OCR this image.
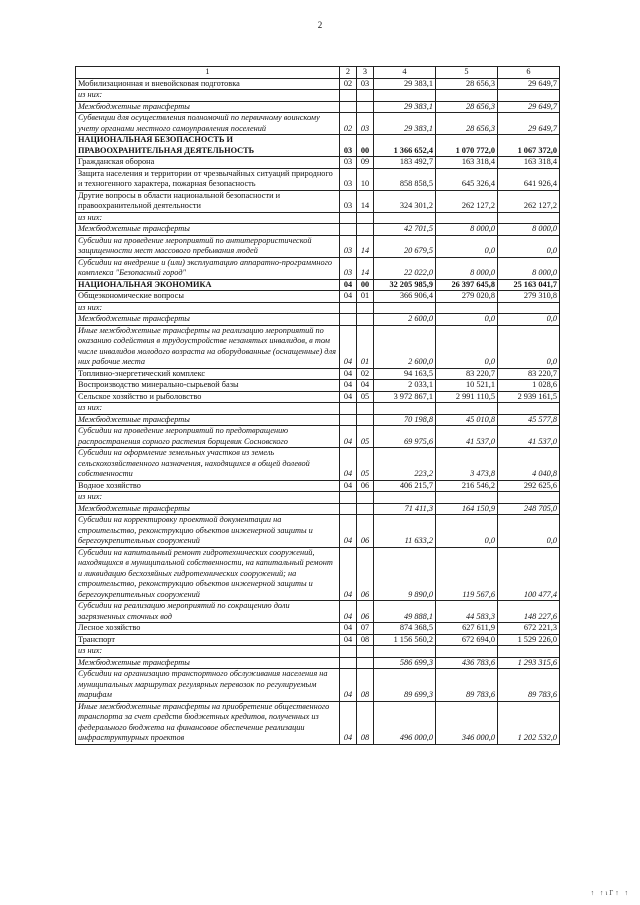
2
1	2	3	4	5	6
Мобилизационная и вневойсковая подготовка	02	03	29 383,1	28 656,3	29 649,7
из них:					
Межбюджетные трансферты			29 383,1	28 656,3	29 649,7
Субвенции для осуществления полномочий по первичному воинскому учету органами местного самоуправления поселений	02	03	29 383,1	28 656,3	29 649,7
НАЦИОНАЛЬНАЯ БЕЗОПАСНОСТЬ И ПРАВООХРАНИТЕЛЬНАЯ ДЕЯТЕЛЬНОСТЬ	03	00	1 366 652,4	1 070 772,0	1 067 372,0
Гражданская оборона	03	09	183 492,7	163 318,4	163 318,4
Защита населения и территории от чрезвычайных ситуаций природного и техногенного характера, пожарная безопасность	03	10	858 858,5	645 326,4	641 926,4
Другие вопросы в области национальной безопасности и правоохранительной деятельности	03	14	324 301,2	262 127,2	262 127,2
из них:					
Межбюджетные трансферты			42 701,5	8 000,0	8 000,0
Субсидии на проведение мероприятий по антитеррористической защищенности мест массового пребывания людей	03	14	20 679,5	0,0	0,0
Субсидии на внедрение и (или) эксплуатацию аппаратно-программного комплекса "Безопасный город"	03	14	22 022,0	8 000,0	8 000,0
НАЦИОНАЛЬНАЯ ЭКОНОМИКА	04	00	32 205 985,9	26 397 645,8	25 163 041,7
Общеэкономические вопросы	04	01	366 906,4	279 020,8	279 310,8
из них:					
Межбюджетные трансферты			2 600,0	0,0	0,0
Иные межбюджетные трансферты на реализацию мероприятий по оказанию содействия в трудоустройстве незанятых инвалидов, в том числе инвалидов молодого возраста на оборудованные (оснащенные) для них рабочие места	04	01	2 600,0	0,0	0,0
Топливно-энергетический комплекс	04	02	94 163,5	83 220,7	83 220,7
Воспроизводство минерально-сырьевой базы	04	04	2 033,1	10 521,1	1 028,6
Сельское хозяйство и рыболовство	04	05	3 972 867,1	2 991 110,5	2 939 161,5
из них:					
Межбюджетные трансферты			70 198,8	45 010,8	45 577,8
Субсидии на проведение мероприятий по предотвращению распространения сорного растения борщевик Сосновского	04	05	69 975,6	41 537,0	41 537,0
Субсидии на оформление земельных участков из земель сельскохозяйственного назначения, находящихся в общей долевой собственности	04	05	223,2	3 473,8	4 040,8
Водное хозяйство	04	06	406 215,7	216 546,2	292 625,6
из них:					
Межбюджетные трансферты			71 411,3	164 150,9	248 705,0
Субсидии на корректировку проектной документации на строительство, реконструкцию объектов инженерной защиты и берегоукрепительных сооружений	04	06	11 633,2	0,0	0,0
Субсидии на капитальный ремонт гидротехнических сооружений, находящихся в муниципальной собственности, на капитальный ремонт и ликвидацию бесхозяйных гидротехнических сооружений; на строительство, реконструкцию объектов инженерной защиты и берегоукрепительных сооружений	04	06	9 890,0	119 567,6	100 477,4
Субсидии на реализацию мероприятий по сокращению доли загрязненных сточных вод	04	06	49 888,1	44 583,3	148 227,6
Лесное хозяйство	04	07	874 368,5	627 611,9	672 221,3
Транспорт	04	08	1 156 560,2	672 694,0	1 529 226,0
из них:					
Межбюджетные трансферты			586 699,3	436 783,6	1 293 315,6
Субсидии на организацию транспортного обслуживания населения на муниципальных маршрутах регулярных перевозок по регулируемым тарифам	04	08	89 699,3	89 783,6	89 783,6
Иные межбюджетные трансферты на приобретение общественного транспорта за счет средств бюджетных кредитов, полученных из федерального бюджета на финансовое обеспечение реализации инфраструктурных проектов	04	08	496 000,0	346 000,0	1 202 532,0
↑ ↑ιΓ↑ ↑
